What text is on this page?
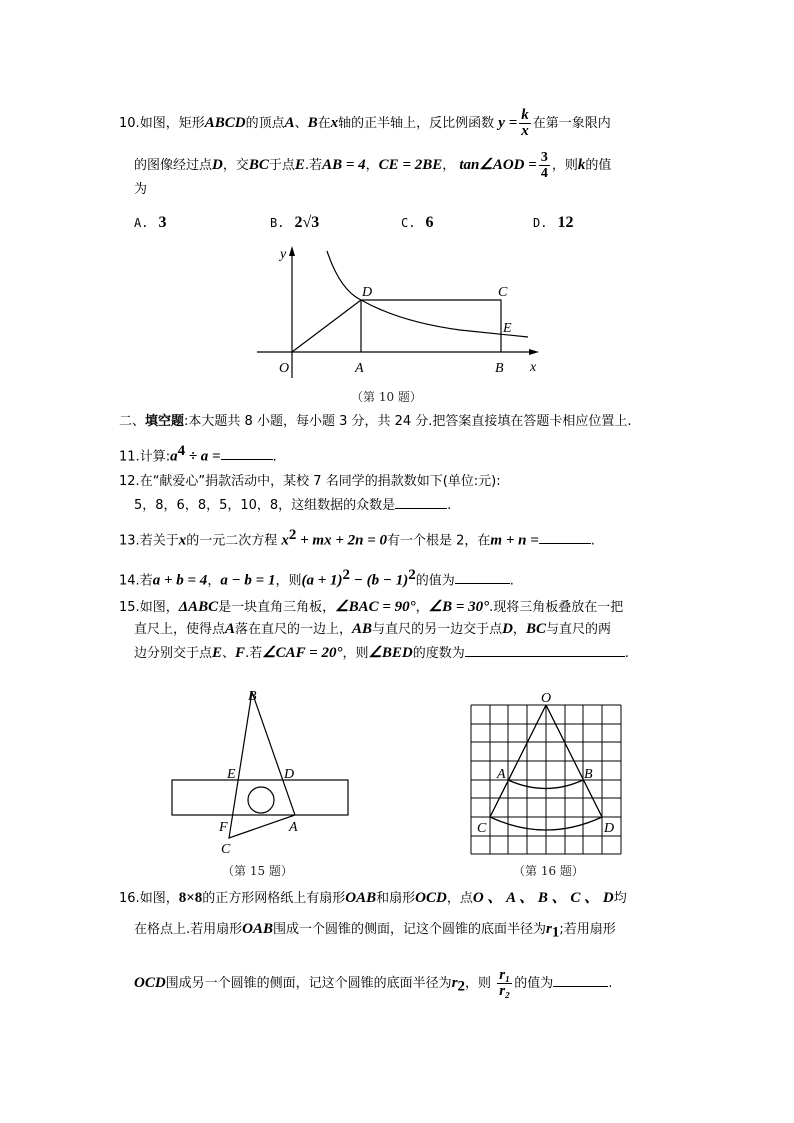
10.如图，矩形ABCD的顶点A、B在x轴的正半轴上，反比例函数 $y = \frac{k}{x}$ 在第一象限内
的图像经过点D，交BC于点E.若AB = 4，CE = 2BE， tan∠AOD = $\frac{3}{4}$ ，则k的值
为
A. 3	B. 2√3	C. 6	D. 12
y
O	A	B x
D	C
E
（第 10 题）
二、填空题:本大题共 8 小题，每小题 3 分，共 24 分.把答案直接填在答题卡相应位置上.
11.计算$:a^4 \div a$ =	.
12.在“献爱心”捐款活动中，某校 7 名同学的捐款数如下(单位:元):
5，8，6，8，5，10，8，这组数据的众数是	.
13.若关于x的一元二次方程 $x^2$ + mx + 2n = 0有一个根是 2，在m + n =	.
14.若a + b = 4，a − b = 1，则$(a + 1)^2 - (b - 1)^2$的值为	.
15.如图，ΔABC是一块直角三角板，∠BAC = 90°，∠B = 30°.现将三角板叠放在一把
直尺上，使得点A落在直尺的一边上，AB与直尺的另一边交于点D，BC与直尺的两
边分别交于点E、F.若∠CAF = 20°，则∠BED的度数为	.
B
E	D
F	A
C
（第 15 题）
O
A	B
C	D
（第 16 题）
16.如图，8×8的正方形网格纸上有扇形OAB和扇形OCD，点O 、 A 、 B 、 C 、 D均
在格点上.若用扇形OAB围成一个圆锥的侧面，记这个圆锥的底面半径为$r_1$;若用扇形
OCD围成另一个圆锥的侧面，记这个圆锥的底面半径为$r_2$，则 $\frac{\text{r₁}}{\text{r₂}}$ 的值为	.
